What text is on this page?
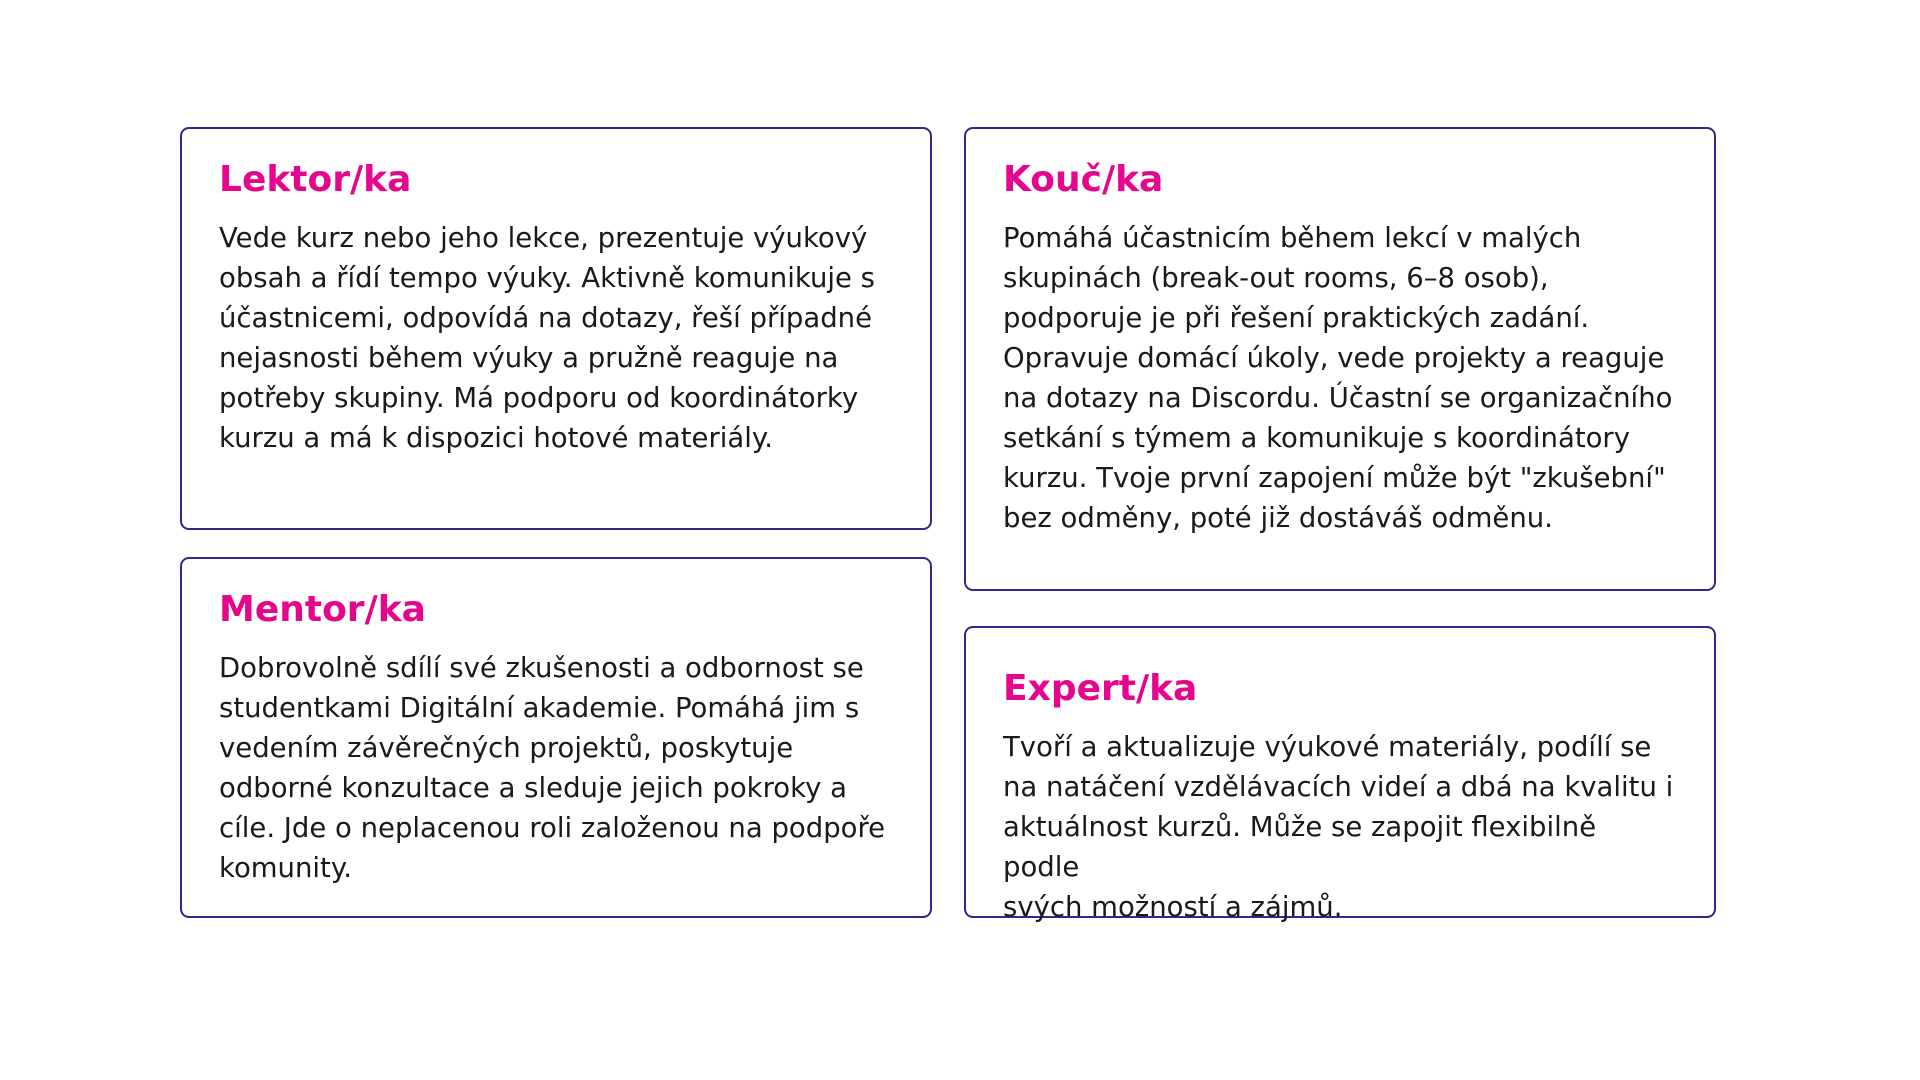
Lektor/ka

Vede kurz nebo jeho lekce, prezentuje výukový
obsah a řídí tempo výuky. Aktivně komunikuje s
účastnicemi, odpovídá na dotazy, řeší případné
nejasnosti během výuky a pružně reaguje na
potřeby skupiny. Má podporu od koordinátorky
kurzu a má k dispozici hotové materiály.

Mentor/ka

Dobrovolně sdílí své zkušenosti a odbornost se
studentkami Digitální akademie. Pomáhá jim s
vedením závěrečných projektů, poskytuje
odborné konzultace a sleduje jejich pokroky a
cíle. Jde o neplacenou roli založenou na podpoře
komunity.

Kouč/ka

Pomáhá účastnicím během lekcí v malých
skupinách (break-out rooms, 6–8 osob),
podporuje je při řešení praktických zadání.
Opravuje domácí úkoly, vede projekty a reaguje
na dotazy na Discordu. Účastní se organizačního
setkání s týmem a komunikuje s koordinátory
kurzu. Tvoje první zapojení může být "zkušební"
bez odměny, poté již dostáváš odměnu.

Expert/ka

Tvoří a aktualizuje výukové materiály, podílí se
na natáčení vzdělávacích videí a dbá na kvalitu i
aktuálnost kurzů. Může se zapojit flexibilně podle
svých možností a zájmů.
